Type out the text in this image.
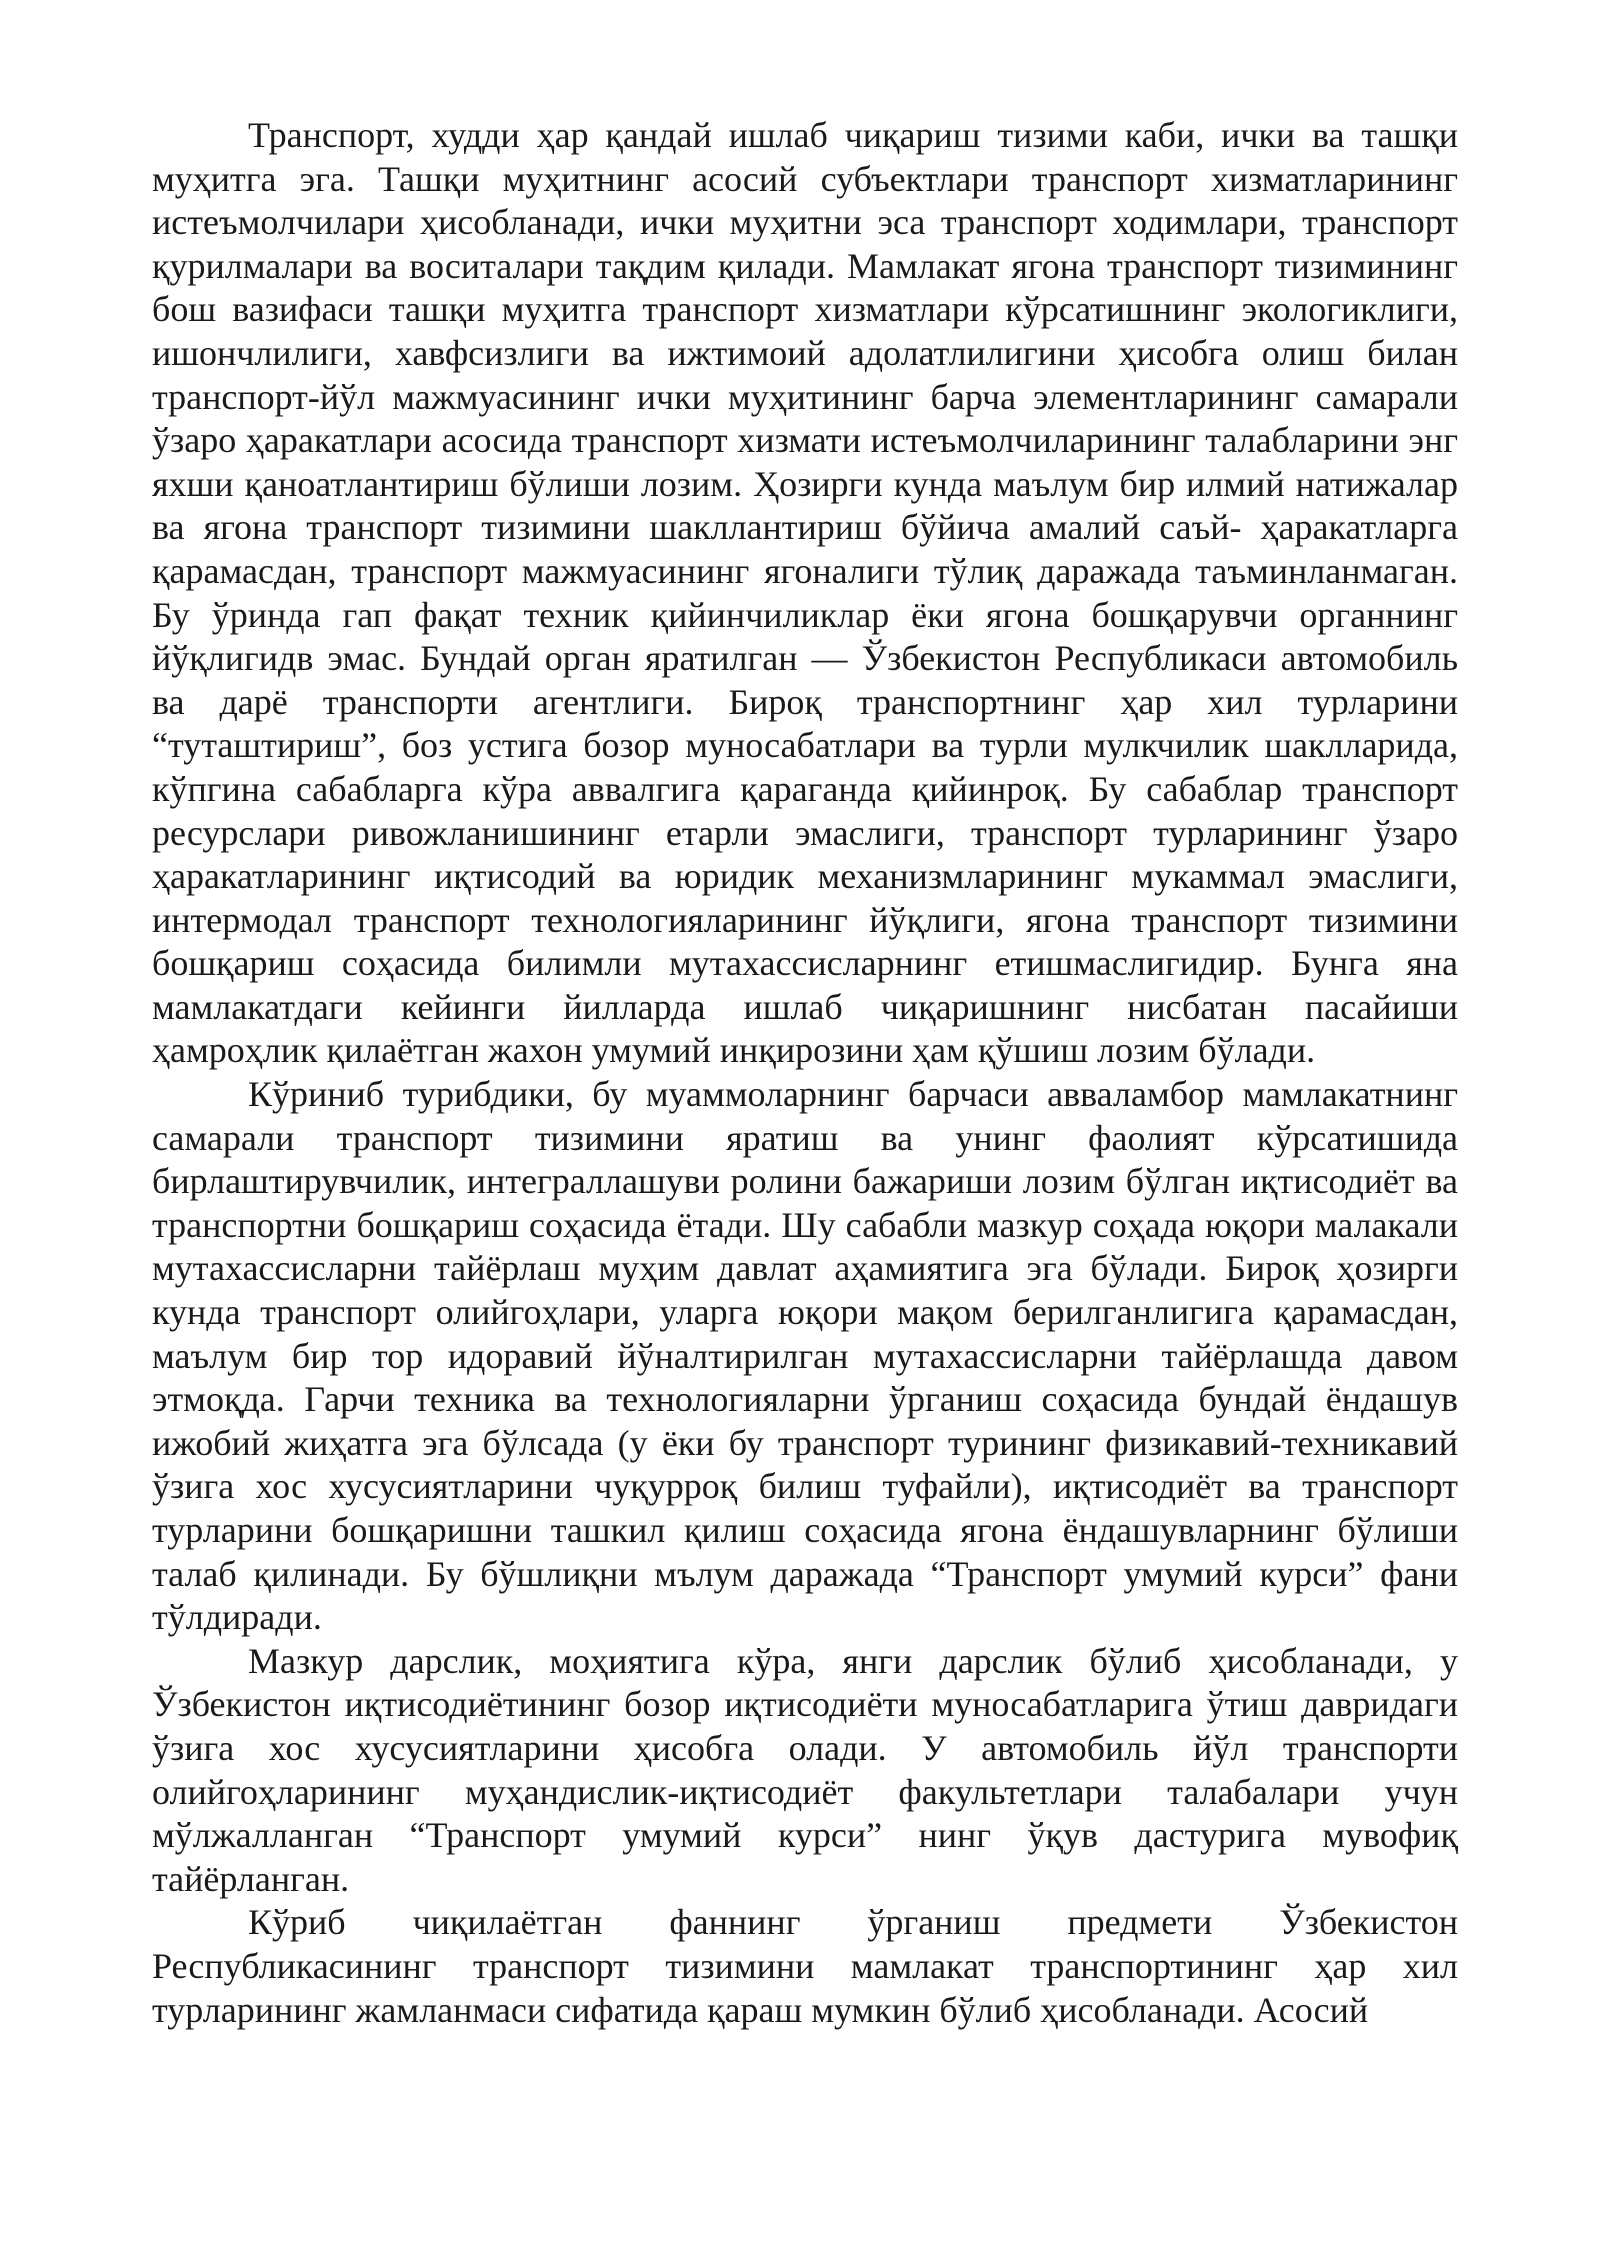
Транспорт, худди ҳар қандай ишлаб чиқариш тизими каби, ички ва ташқи муҳитга эга. Ташқи муҳитнинг асосий субъектлари транспорт хизматларининг истеъмолчилари ҳисобланади, ички муҳитни эса транспорт ходимлари, транспорт қурилмалари ва воситалари тақдим қилади. Мамлакат ягона транспорт тизимининг бош вазифаси ташқи муҳитга транспорт хизматлари кўрсатишнинг экологиклиги, ишончлилиги, хавфсизлиги ва ижтимоий адолатлилигини ҳисобга олиш билан транспорт-йўл мажмуасининг ички муҳитининг барча элементларининг самарали ўзаро ҳаракатлари асосида транспорт хизмати истеъмолчиларининг талабларини энг яхши қаноатлантириш бўлиши лозим. Ҳозирги кунда маълум бир илмий натижалар ва ягона транспорт тизимини шакллантириш бўйича амалий саъй- ҳаракатларга қарамасдан, транспорт мажмуасининг ягоналиги тўлиқ даражада таъминланмаган. Бу ўринда гап фақат техник қийинчиликлар ёки ягона бошқарувчи органнинг йўқлигидв эмас. Бундай орган яратилган — Ўзбекистон Республикаси автомобиль ва дарё транспорти агентлиги. Бироқ транспортнинг ҳар хил турларини “туташтириш”, боз устига бозор муносабатлари ва турли мулкчилик шаклларида, кўпгина сабабларга кўра аввалгига қараганда қийинроқ. Бу сабаблар транспорт ресурслари ривожланишининг етарли эмаслиги, транспорт турларининг ўзаро ҳаракатларининг иқтисодий ва юридик механизмларининг мукаммал эмаслиги, интермодал транспорт технологияларининг йўқлиги, ягона транспорт тизимини бошқариш соҳасида билимли мутахассисларнинг етишмаслигидир. Бунга яна мамлакатдаги кейинги йилларда ишлаб чиқаришнинг нисбатан пасайиши ҳамроҳлик қилаётган жахон умумий инқирозини ҳам қўшиш лозим бўлади.

Кўриниб турибдики, бу муаммоларнинг барчаси авваламбор мамлакатнинг самарали транспорт тизимини яратиш ва унинг фаолият кўрсатишида бирлаштирувчилик, интеграллашуви ролини бажариши лозим бўлган иқтисодиёт ва транспортни бошқариш соҳасида ётади. Шу сабабли мазкур соҳада юқори малакали мутахассисларни тайёрлаш муҳим давлат аҳамиятига эга бўлади. Бироқ ҳозирги кунда транспорт олийгоҳлари, уларга юқори мақом берилганлигига қарамасдан, маълум бир тор идоравий йўналтирилган мутахассисларни тайёрлашда давом этмоқда. Гарчи техника ва технологияларни ўрганиш соҳасида бундай ёндашув ижобий жиҳатга эга бўлсада (у ёки бу транспорт турининг физикавий-техникавий ўзига хос хусусиятларини чуқурроқ билиш туфайли), иқтисодиёт ва транспорт турларини бошқаришни ташкил қилиш соҳасида ягона ёндашувларнинг бўлиши талаб қилинади. Бу бўшлиқни мълум даражада “Транспорт умумий курси” фани тўлдиради.

Мазкур дарслик, моҳиятига кўра, янги дарслик бўлиб ҳисобланади, у Ўзбекистон иқтисодиётининг бозор иқтисодиёти муносабатларига ўтиш давридаги ўзига хос хусусиятларини ҳисобга олади. У автомобиль йўл транспорти олийгоҳларининг муҳандислик-иқтисодиёт факультетлари талабалари учун мўлжалланган “Транспорт умумий курси” нинг ўқув дастурига мувофиқ тайёрланган.

Кўриб чиқилаётган фаннинг ўрганиш предмети Ўзбекистон Республикасининг транспорт тизимини мамлакат транспортининг ҳар хил турларининг жамланмаси сифатида қараш мумкин бўлиб ҳисобланади. Асосий
